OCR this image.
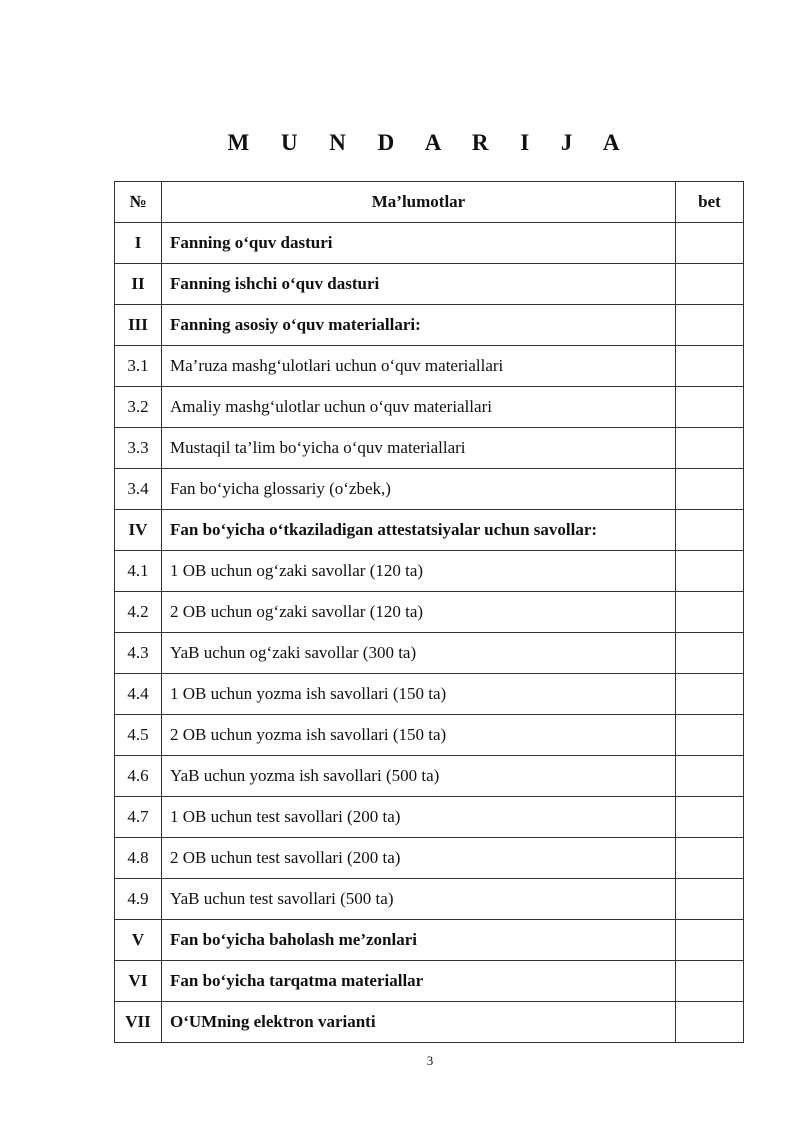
M U N D A R I J A
№	Ma’lumotlar	bet
I	Fanning o‘quv dasturi	
II	Fanning ishchi o‘quv dasturi	
III	Fanning asosiy o‘quv materiallari:	
3.1	Ma’ruza mashg‘ulotlari uchun o‘quv materiallari	
3.2	Amaliy mashg‘ulotlar uchun o‘quv materiallari	
3.3	Mustaqil ta’lim bo‘yicha o‘quv materiallari	
3.4	Fan bo‘yicha glossariy (o‘zbek,)	
IV	Fan bo‘yicha o‘tkaziladigan attestatsiyalar uchun savollar:	
4.1	1 OB uchun og‘zaki savollar (120 ta)	
4.2	2 OB uchun og‘zaki savollar (120 ta)	
4.3	YaB uchun og‘zaki savollar (300 ta)	
4.4	1 OB uchun yozma ish savollari (150 ta)	
4.5	2 OB uchun yozma ish savollari (150 ta)	
4.6	YaB uchun yozma ish savollari (500 ta)	
4.7	1 OB uchun test savollari (200 ta)	
4.8	2 OB uchun test savollari (200 ta)	
4.9	YaB uchun test savollari (500 ta)	
V	Fan bo‘yicha baholash me’zonlari	
VI	Fan bo‘yicha tarqatma materiallar	
VII	O‘UMning elektron varianti	
3
